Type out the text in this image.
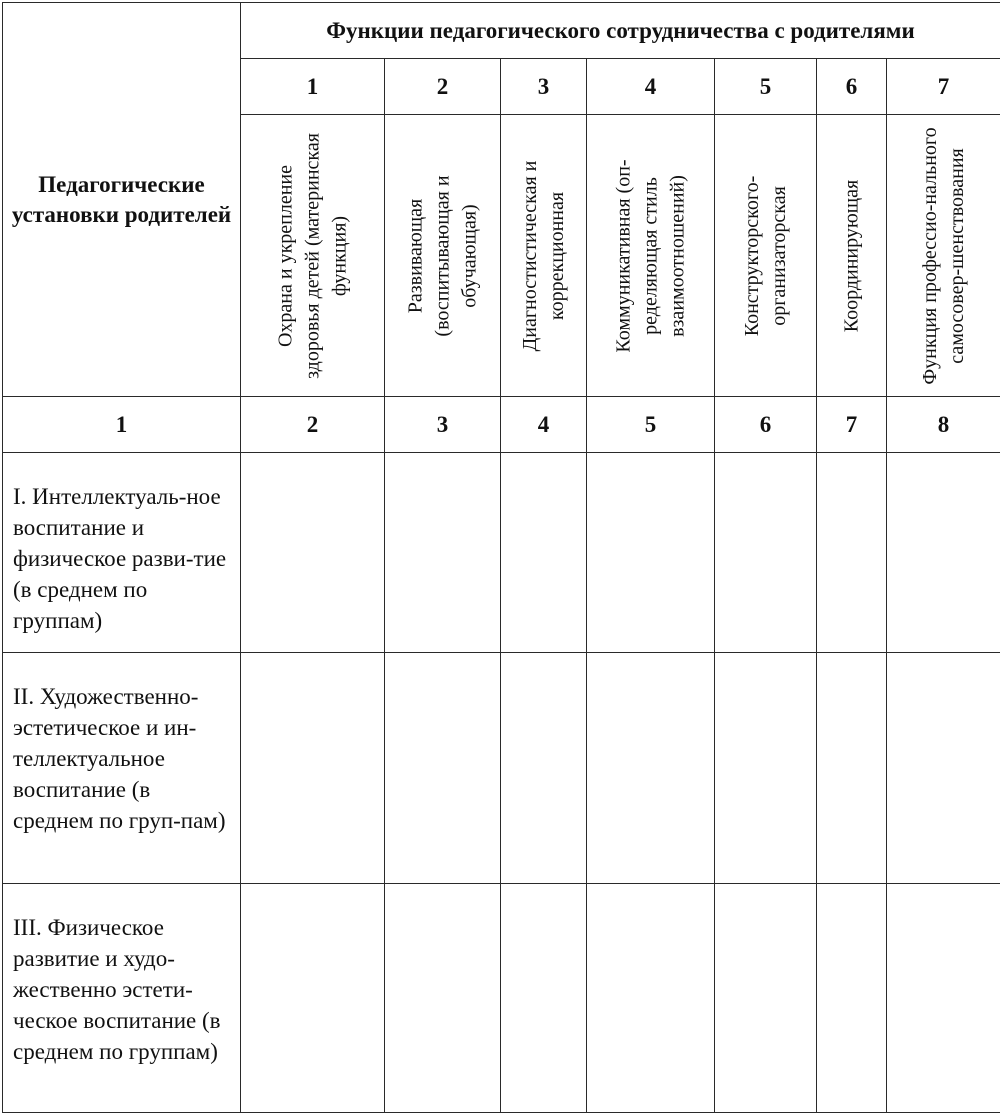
Педагогические установки родителей	Функции педагогического сотрудничества с родителями						
	1	2	3	4	5	6	7

	Охрана и укрепление здоровья детей (материнская функция)	Развивающая (воспитывающая и обучающая)	Диагностистическая и коррекционная	Коммуникативная (оп-ределяющая стиль взаимоотношений)	Конструкторского-организаторская	Координирующая	Функция профессио-нального самосовер-шенствования

1	2	3	4	5	6	7	8
I. Интеллектуаль-ное воспитание и физическое разви-тие (в среднем по группам)							
II. Художественно-эстетическое и ин-теллектуальное воспитание (в среднем по груп-пам)							
III. Физическое развитие и худо-жественно эстети-ческое воспитание (в среднем по группам)							
